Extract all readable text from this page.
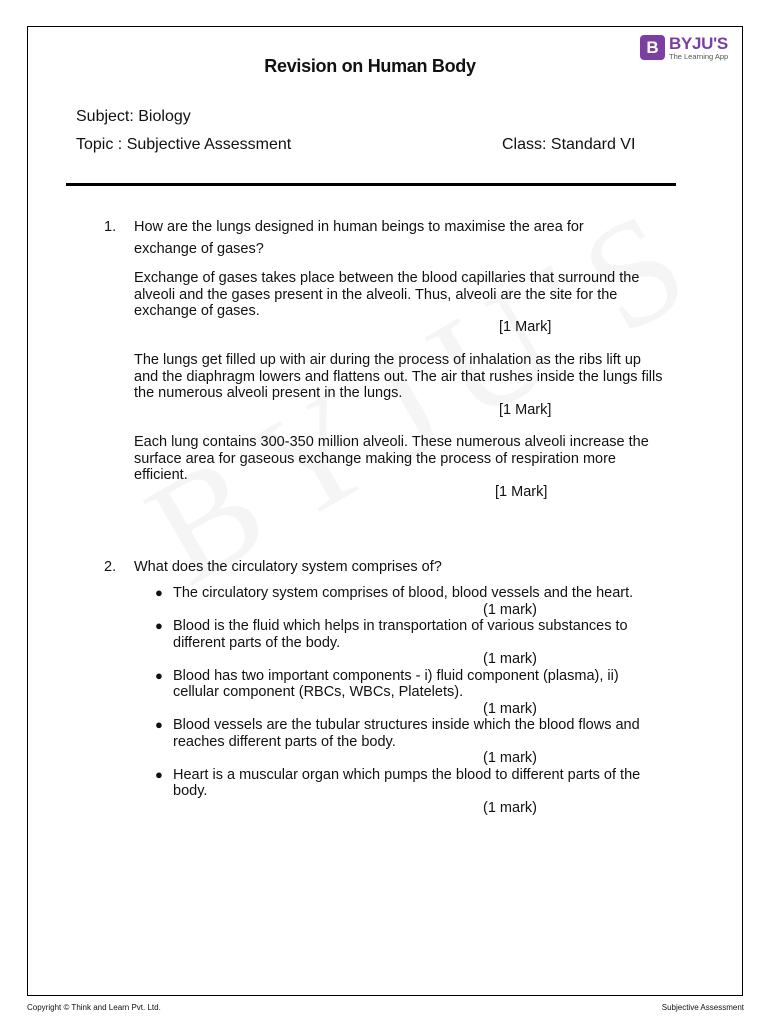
B BYJU'S
The Learning App
Revision on Human Body
Subject: Biology
Topic : Subjective Assessment	Class: Standard VI
1. How are the lungs designed in human beings to maximise the area for
exchange of gases?
Exchange of gases takes place between the blood capillaries that surround the alveoli and the gases present in the alveoli. Thus, alveoli are the site for the exchange of gases.
[1 Mark]
The lungs get filled up with air during the process of inhalation as the ribs lift up and the diaphragm lowers and flattens out. The air that rushes inside the lungs fills the numerous alveoli present in the lungs.
[1 Mark]
Each lung contains 300-350 million alveoli. These numerous alveoli increase the surface area for gaseous exchange making the process of respiration more efficient.
[1 Mark]
2. What does the circulatory system comprises of?
● The circulatory system comprises of blood, blood vessels and the heart.
(1 mark)
● Blood is the fluid which helps in transportation of various substances to different parts of the body.
(1 mark)
● Blood has two important components - i) fluid component (plasma), ii) cellular component (RBCs, WBCs, Platelets).
(1 mark)
● Blood vessels are the tubular structures inside which the blood flows and reaches different parts of the body.
(1 mark)
● Heart is a muscular organ which pumps the blood to different parts of the body.
(1 mark)
Copyright © Think and Learn Pvt. Ltd.	Subjective Assessment
